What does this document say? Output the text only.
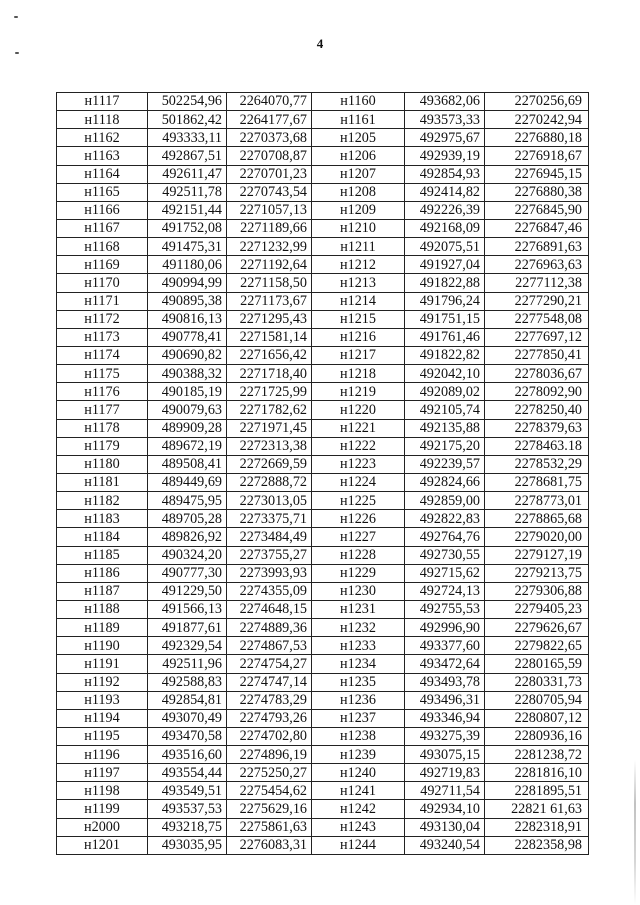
4
н1117	502254,96	2264070,77	н1160	493682,06	2270256,69
н1118	501862,42	2264177,67	н1161	493573,33	2270242,94
н1162	493333,11	2270373,68	н1205	492975,67	2276880,18
н1163	492867,51	2270708,87	н1206	492939,19	2276918,67
н1164	492611,47	2270701,23	н1207	492854,93	2276945,15
н1165	492511,78	2270743,54	н1208	492414,82	2276880,38
н1166	492151,44	2271057,13	н1209	492226,39	2276845,90
н1167	491752,08	2271189,66	н1210	492168,09	2276847,46
н1168	491475,31	2271232,99	н1211	492075,51	2276891,63
н1169	491180,06	2271192,64	н1212	491927,04	2276963,63
н1170	490994,99	2271158,50	н1213	491822,88	2277112,38
н1171	490895,38	2271173,67	н1214	491796,24	2277290,21
н1172	490816,13	2271295,43	н1215	491751,15	2277548,08
н1173	490778,41	2271581,14	н1216	491761,46	2277697,12
н1174	490690,82	2271656,42	н1217	491822,82	2277850,41
н1175	490388,32	2271718,40	н1218	492042,10	2278036,67
н1176	490185,19	2271725,99	н1219	492089,02	2278092,90
н1177	490079,63	2271782,62	н1220	492105,74	2278250,40
н1178	489909,28	2271971,45	н1221	492135,88	2278379,63
н1179	489672,19	2272313,38	н1222	492175,20	2278463.18
н1180	489508,41	2272669,59	н1223	492239,57	2278532,29
н1181	489449,69	2272888,72	н1224	492824,66	2278681,75
н1182	489475,95	2273013,05	н1225	492859,00	2278773,01
н1183	489705,28	2273375,71	н1226	492822,83	2278865,68
н1184	489826,92	2273484,49	н1227	492764,76	2279020,00
н1185	490324,20	2273755,27	н1228	492730,55	2279127,19
н1186	490777,30	2273993,93	н1229	492715,62	2279213,75
н1187	491229,50	2274355,09	н1230	492724,13	2279306,88
н1188	491566,13	2274648,15	н1231	492755,53	2279405,23
н1189	491877,61	2274889,36	н1232	492996,90	2279626,67
н1190	492329,54	2274867,53	н1233	493377,60	2279822,65
н1191	492511,96	2274754,27	н1234	493472,64	2280165,59
н1192	492588,83	2274747,14	н1235	493493,78	2280331,73
н1193	492854,81	2274783,29	н1236	493496,31	2280705,94
н1194	493070,49	2274793,26	н1237	493346,94	2280807,12
н1195	493470,58	2274702,80	н1238	493275,39	2280936,16
н1196	493516,60	2274896,19	н1239	493075,15	2281238,72
н1197	493554,44	2275250,27	н1240	492719,83	2281816,10
н1198	493549,51	2275454,62	н1241	492711,54	2281895,51
н1199	493537,53	2275629,16	н1242	492934,10	22821 61,63
н2000	493218,75	2275861,63	н1243	493130,04	2282318,91
н1201	493035,95	2276083,31	н1244	493240,54	2282358,98
